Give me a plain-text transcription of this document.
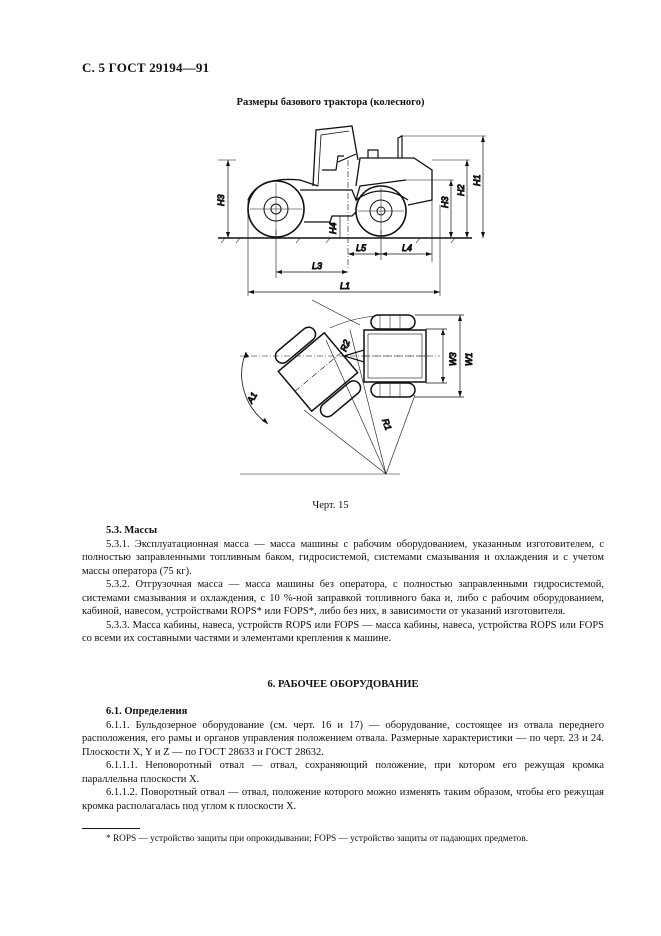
С. 5 ГОСТ 29194—91
Размеры базового трактора (колесного)
H1
H2
H3
H3
H4
L5	L4
L3
L1
W1
W3
R2
R1
A1
Черт. 15

5.3. Массы

5.3.1. Эксплуатационная масса — масса машины с рабочим оборудованием, указанным изготовителем, с полностью заправленными топливным баком, гидросистемой, системами смазывания и охлаждения и с учетом массы оператора (75 кг).

5.3.2. Отгрузочная масса — масса машины без оператора, с полностью заправленными гидросистемой, системами смазывания и охлаждения, с 10 %-ной заправкой топливного бака и, либо с рабочим оборудованием, кабиной, навесом, устройствами ROPS* или FOPS*, либо без них, в зависимости от указаний изготовителя.

5.3.3. Масса кабины, навеса, устройств ROPS или FOPS — масса кабины, навеса, устройства ROPS или FOPS со всеми их составными частями и элементами крепления к машине.

6. РАБОЧЕЕ ОБОРУДОВАНИЕ

6.1. Определения

6.1.1. Бульдозерное оборудование (см. черт. 16 и 17) — оборудование, состоящее из отвала переднего расположения, его рамы и органов управления положением отвала. Размерные характеристики — по черт. 23 и 24. Плоскости X, Y и Z — по ГОСТ 28633 и ГОСТ 28632.

6.1.1.1. Неповоротный отвал — отвал, сохраняющий положение, при котором его режущая кромка параллельна плоскости X.

6.1.1.2. Поворотный отвал — отвал, положение которого можно изменять таким образом, чтобы его режущая кромка располагалась под углом к плоскости X.

* ROPS — устройство защиты при опрокидывании; FOPS — устройство защиты от падающих предметов.
